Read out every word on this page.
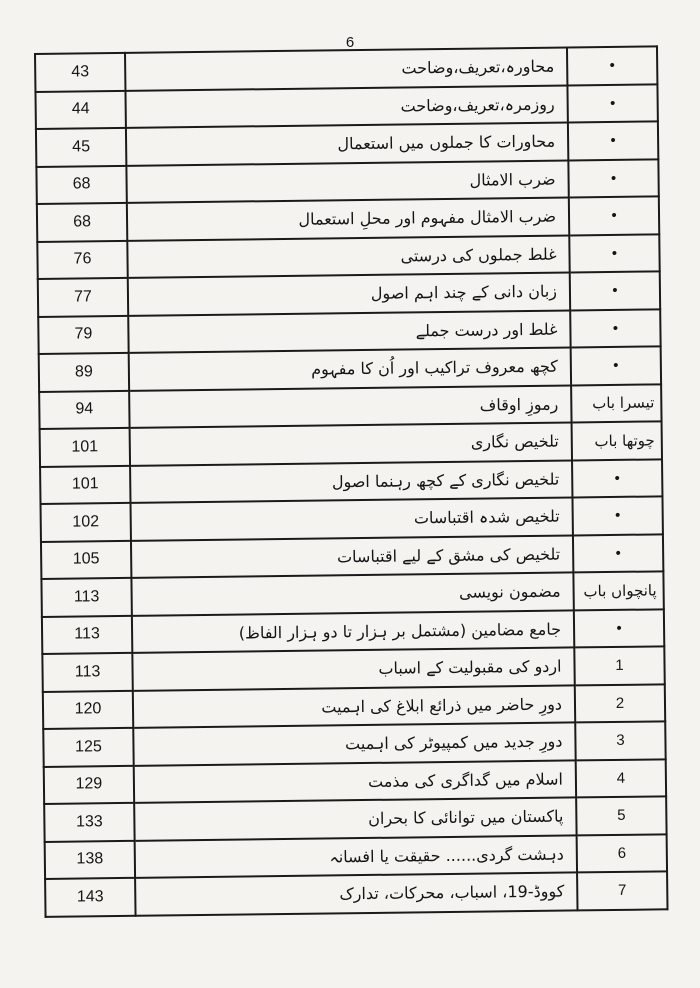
6
43	محاورہ،تعریف،وضاحت	•
44	روزمرہ،تعریف،وضاحت	•
45	محاورات کا جملوں میں استعمال	•
68	ضرب الامثال	•
68	ضرب الامثال مفہوم اور محلِ استعمال	•
76	غلط جملوں کی درستی	•
77	زبان دانی کے چند اہم اصول	•
79	غلط اور درست جملے	•
89	کچھ معروف تراکیب اور اُن کا مفہوم	•
94	رموزِ اوقاف	تیسرا باب
101	تلخیص نگاری	چوتھا باب
101	تلخیص نگاری کے کچھ رہنما اصول	•
102	تلخیص شدہ اقتباسات	•
105	تلخیص کی مشق کے لیے اقتباسات	•
113	مضمون نویسی	پانچواں باب
113	جامع مضامین (مشتمل بر ہزار تا دو ہزار الفاظ)	•
113	اردو کی مقبولیت کے اسباب	1
120	دورِ حاضر میں ذرائع ابلاغ کی اہمیت	2
125	دورِ جدید میں کمپیوٹر کی اہمیت	3
129	اسلام میں گداگری کی مذمت	4
133	پاکستان میں توانائی کا بحران	5
138	دہشت گردی...... حقیقت یا افسانہ	6
143	کووڈ-19، اسباب، محرکات، تدارک	7
